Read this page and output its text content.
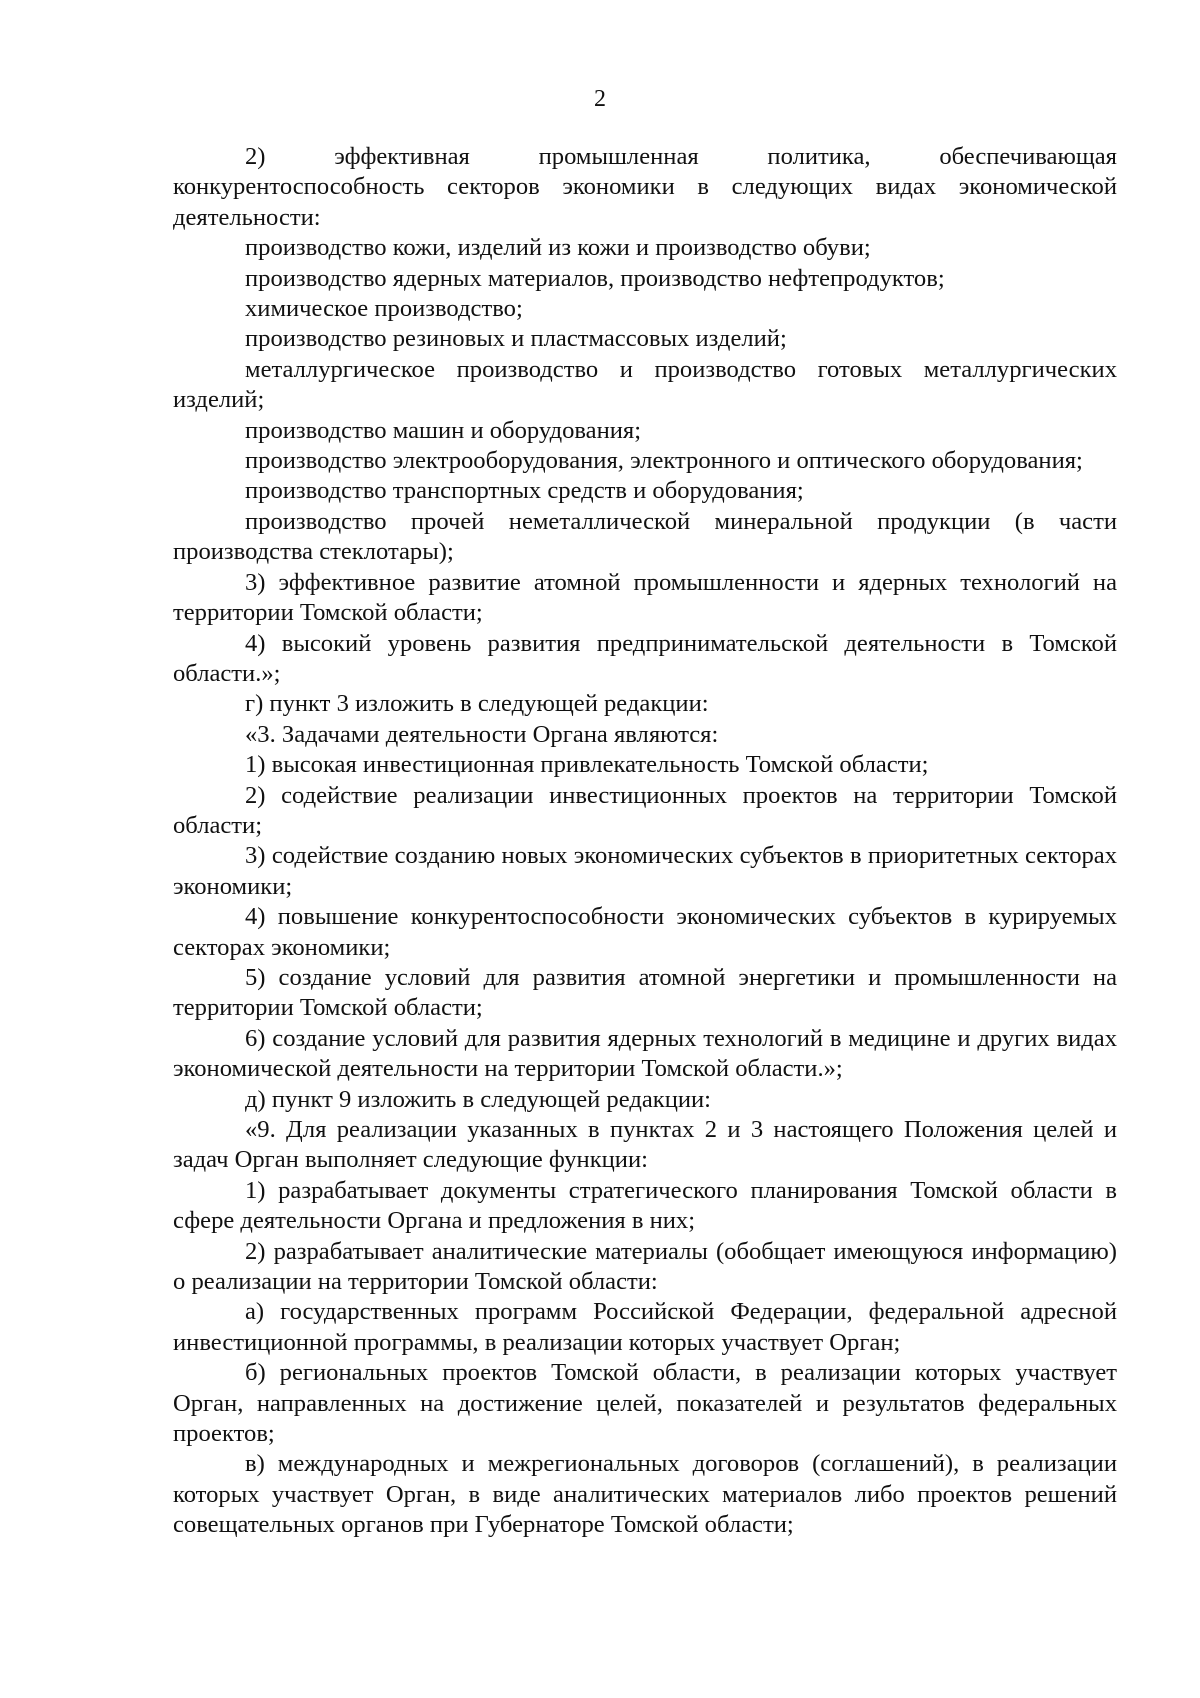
2

2) эффективная промышленная политика, обеспечивающая конкурентоспособность секторов экономики в следующих видах экономической деятельности:

производство кожи, изделий из кожи и производство обуви;

производство ядерных материалов, производство нефтепродуктов;

химическое производство;

производство резиновых и пластмассовых изделий;

металлургическое производство и производство готовых металлургических изделий;

производство машин и оборудования;

производство электрооборудования, электронного и оптического оборудования;

производство транспортных средств и оборудования;

производство прочей неметаллической минеральной продукции (в части производства стеклотары);

3) эффективное развитие атомной промышленности и ядерных технологий на территории Томской области;

4) высокий уровень развития предпринимательской деятельности в Томской области.»;

г) пункт 3 изложить в следующей редакции:

«3. Задачами деятельности Органа являются:

1) высокая инвестиционная привлекательность Томской области;

2) содействие реализации инвестиционных проектов на территории Томской области;

3) содействие созданию новых экономических субъектов в приоритетных секторах экономики;

4) повышение конкурентоспособности экономических субъектов в курируемых секторах экономики;

5) создание условий для развития атомной энергетики и промышленности на территории Томской области;

6) создание условий для развития ядерных технологий в медицине и других видах экономической деятельности на территории Томской области.»;

д) пункт 9 изложить в следующей редакции:

«9. Для реализации указанных в пунктах 2 и 3 настоящего Положения целей и задач Орган выполняет следующие функции:

1) разрабатывает документы стратегического планирования Томской области в сфере деятельности Органа и предложения в них;

2) разрабатывает аналитические материалы (обобщает имеющуюся информацию) о реализации на территории Томской области:

а) государственных программ Российской Федерации, федеральной адресной инвестиционной программы, в реализации которых участвует Орган;

б) региональных проектов Томской области, в реализации которых участвует Орган, направленных на достижение целей, показателей и результатов федеральных проектов;

в) международных и межрегиональных договоров (соглашений), в реализации которых участвует Орган, в виде аналитических материалов либо проектов решений совещательных органов при Губернаторе Томской области;
